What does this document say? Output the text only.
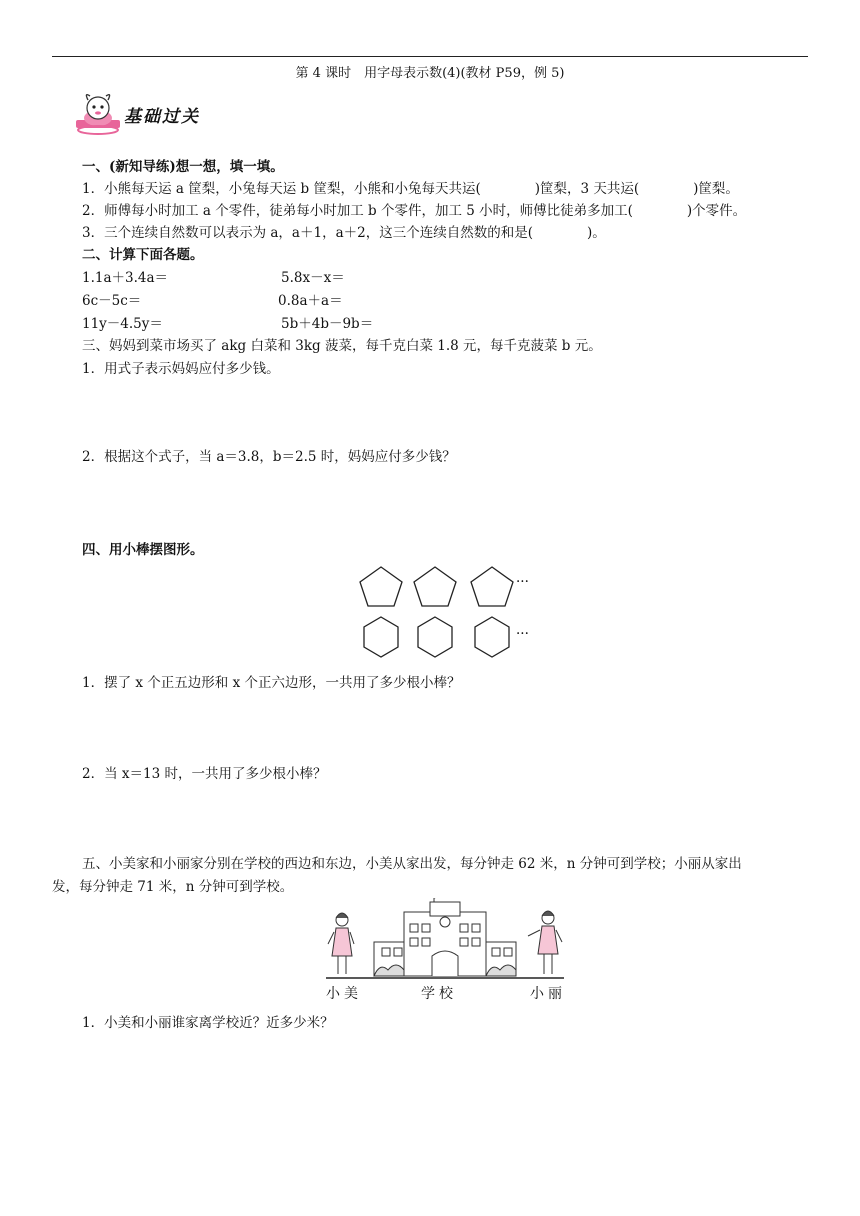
第 4 课时　用字母表示数(4)(教材 P59，例 5)
基础过关
一、(新知导练)想一想，填一填。
1．小熊每天运 a 筐梨，小兔每天运 b 筐梨，小熊和小兔每天共运(　　　　)筐梨，3 天共运(　　　　)筐梨。
2．师傅每小时加工 a 个零件，徒弟每小时加工 b 个零件，加工 5 小时，师傅比徒弟多加工(　　　　)个零件。
3．三个连续自然数可以表示为 a，a＋1，a＋2，这三个连续自然数的和是(　　　　)。
二、计算下面各题。
1.1a＋3.4a＝	5.8x－x＝
6c－5c＝	0.8a＋a＝
11y－4.5y＝	5b＋4b－9b＝
三、妈妈到菜市场买了 akg 白菜和 3kg 菠菜，每千克白菜 1.8 元，每千克菠菜 b 元。
1．用式子表示妈妈应付多少钱。
2．根据这个式子，当 a＝3.8，b＝2.5 时，妈妈应付多少钱？
四、用小棒摆图形。
···
···
1．摆了 x 个正五边形和 x 个正六边形，一共用了多少根小棒？
2．当 x＝13 时，一共用了多少根小棒？
五、小美家和小丽家分别在学校的西边和东边，小美从家出发，每分钟走 62 米，n 分钟可到学校；小丽从家出
发，每分钟走 71 米，n 分钟可到学校。
小美	学校	小丽
1．小美和小丽谁家离学校近？近多少米？
